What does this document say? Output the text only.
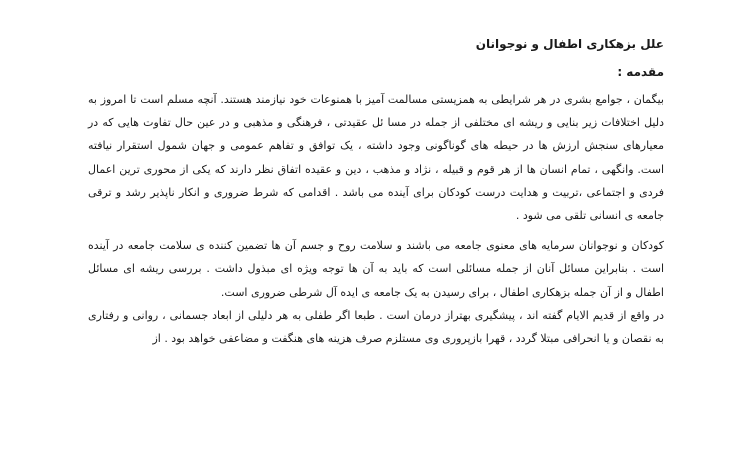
علل بزهکاری اطفال و نوجوانان
مقدمه :

بیگمان ، جوامع بشری در هر شرایطی به همزیستی مسالمت آمیز با همنوعات خود نیازمند هستند. آنچه مسلم است تا امروز به دلیل اختلافات زیر بنایی و ریشه ای مختلفی از جمله در مسا ئل عقیدتی ، فرهنگی و مذهبی و در عین حال تفاوت هایی که در معیارهای سنجش ارزش ها در حیطه های گوناگونی وجود داشته ، یک توافق و تفاهم عمومی و جهان شمول استقرار نیافته است. وانگهی ، تمام انسان ها از هر قوم و قبیله ، نژاد و مذهب ، دین و عقیده اتفاق نظر دارند که یکی از محوری ترین اعمال فردی و اجتماعی ،تربیت و هدایت درست کودکان برای آینده می باشد . اقدامی که شرط ضروری و انکار ناپذیر رشد و ترقی جامعه ی انسانی تلقی می شود .

کودکان و نوجوانان سرمایه های معنوی جامعه می باشند و سلامت روح و جسم آن ها تضمین کننده ی سلامت جامعه در آینده است . بنابراین مسائل آنان از جمله مسائلی است که باید به آن ها توجه ویژه ای مبذول داشت . بررسی ریشه ای مسائل اطفال و از آن جمله بزهکاری اطفال ، برای رسیدن به یک جامعه ی ایده آل شرطی ضروری است.

در واقع از قدیم الایام گفته اند ، پیشگیری بهتراز درمان است . طبعا اگر طفلی به هر دلیلی از ابعاد جسمانی ، روانی و رفتاری به نقصان و یا انحرافی مبتلا گردد ، قهرا بازپروری وی مستلزم صرف هزینه های هنگفت و مضاعفی خواهد بود . از
